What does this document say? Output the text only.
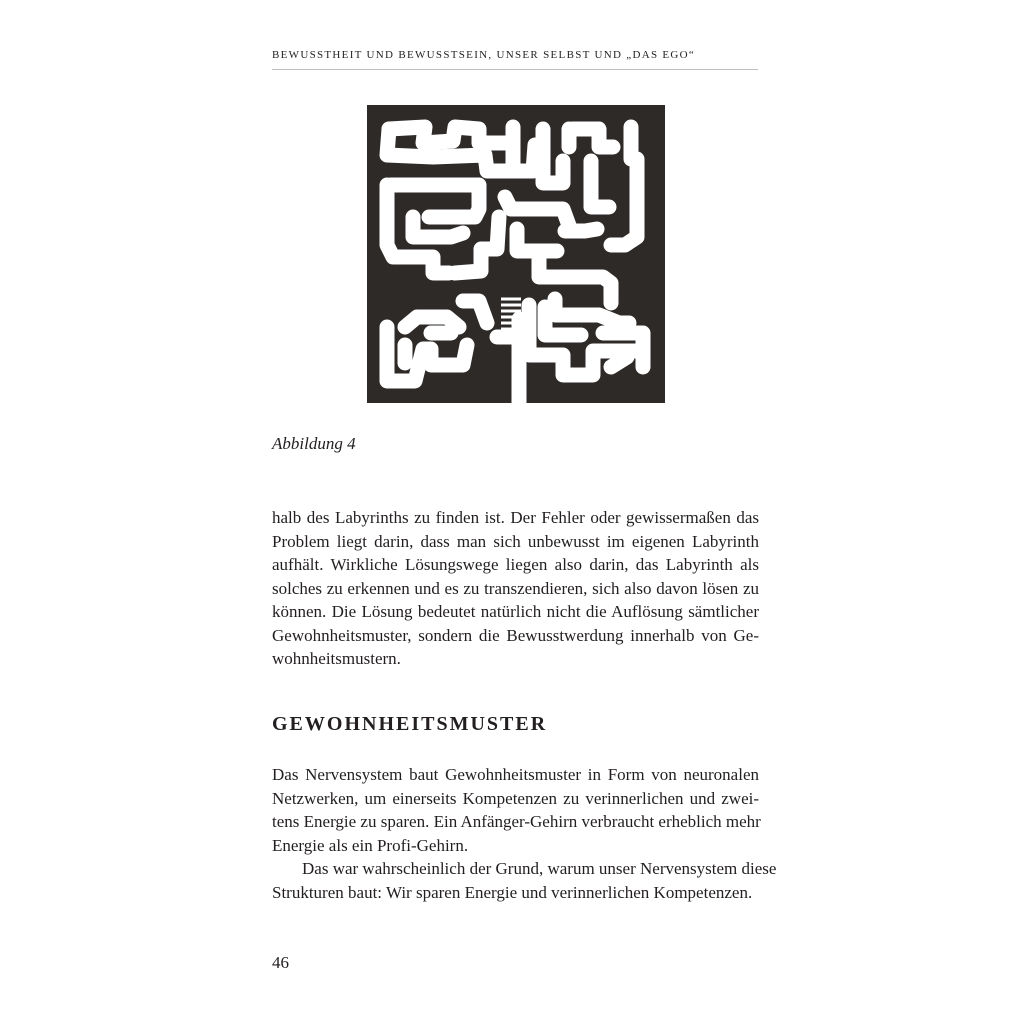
BEWUSSTHEIT UND BEWUSSTSEIN, UNSER SELBST UND „DAS EGO“
Abbildung 4

halb des Labyrinths zu finden ist. Der Fehler oder gewissermaßen das
Problem liegt darin, dass man sich unbewusst im eigenen Labyrinth
aufhält. Wirkliche Lösungswege liegen also darin, das Labyrinth als
solches zu erkennen und es zu transzendieren, sich also davon lösen zu
können. Die Lösung bedeutet natürlich nicht die Auflösung sämtlicher
Gewohnheitsmuster, sondern die Bewusstwerdung innerhalb von Ge-
wohnheitsmustern.

GEWOHNHEITSMUSTER

Das Nervensystem baut Gewohnheitsmuster in Form von neuronalen
Netzwerken, um einerseits Kompetenzen zu verinnerlichen und zwei-
tens Energie zu sparen. Ein Anfänger-Gehirn verbraucht erheblich mehr
Energie als ein Profi-Gehirn.

Das war wahrscheinlich der Grund, warum unser Nervensystem diese
Strukturen baut: Wir sparen Energie und verinnerlichen Kompetenzen.

46
